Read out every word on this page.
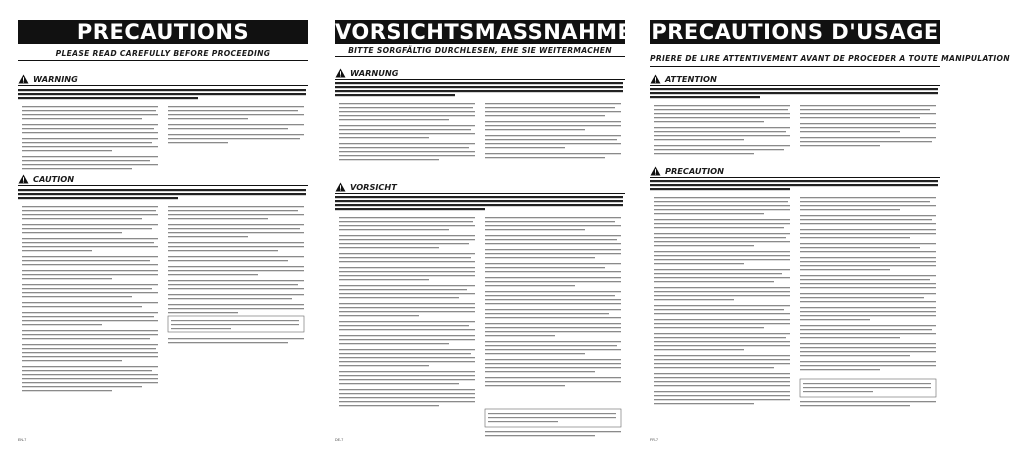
PRECAUTIONS
PLEASE READ CAREFULLY BEFORE PROCEEDING
WARNING
CAUTION
EN-7
VORSICHTSMASSNAHMEN
BITTE SORGFÄLTIG DURCHLESEN, EHE SIE WEITERMACHEN
WARNUNG
VORSICHT
DE-7
PRECAUTIONS D'USAGE
PRIERE DE LIRE ATTENTIVEMENT AVANT DE PROCEDER A TOUTE MANIPULATION
ATTENTION
PRECAUTION
FR-7
